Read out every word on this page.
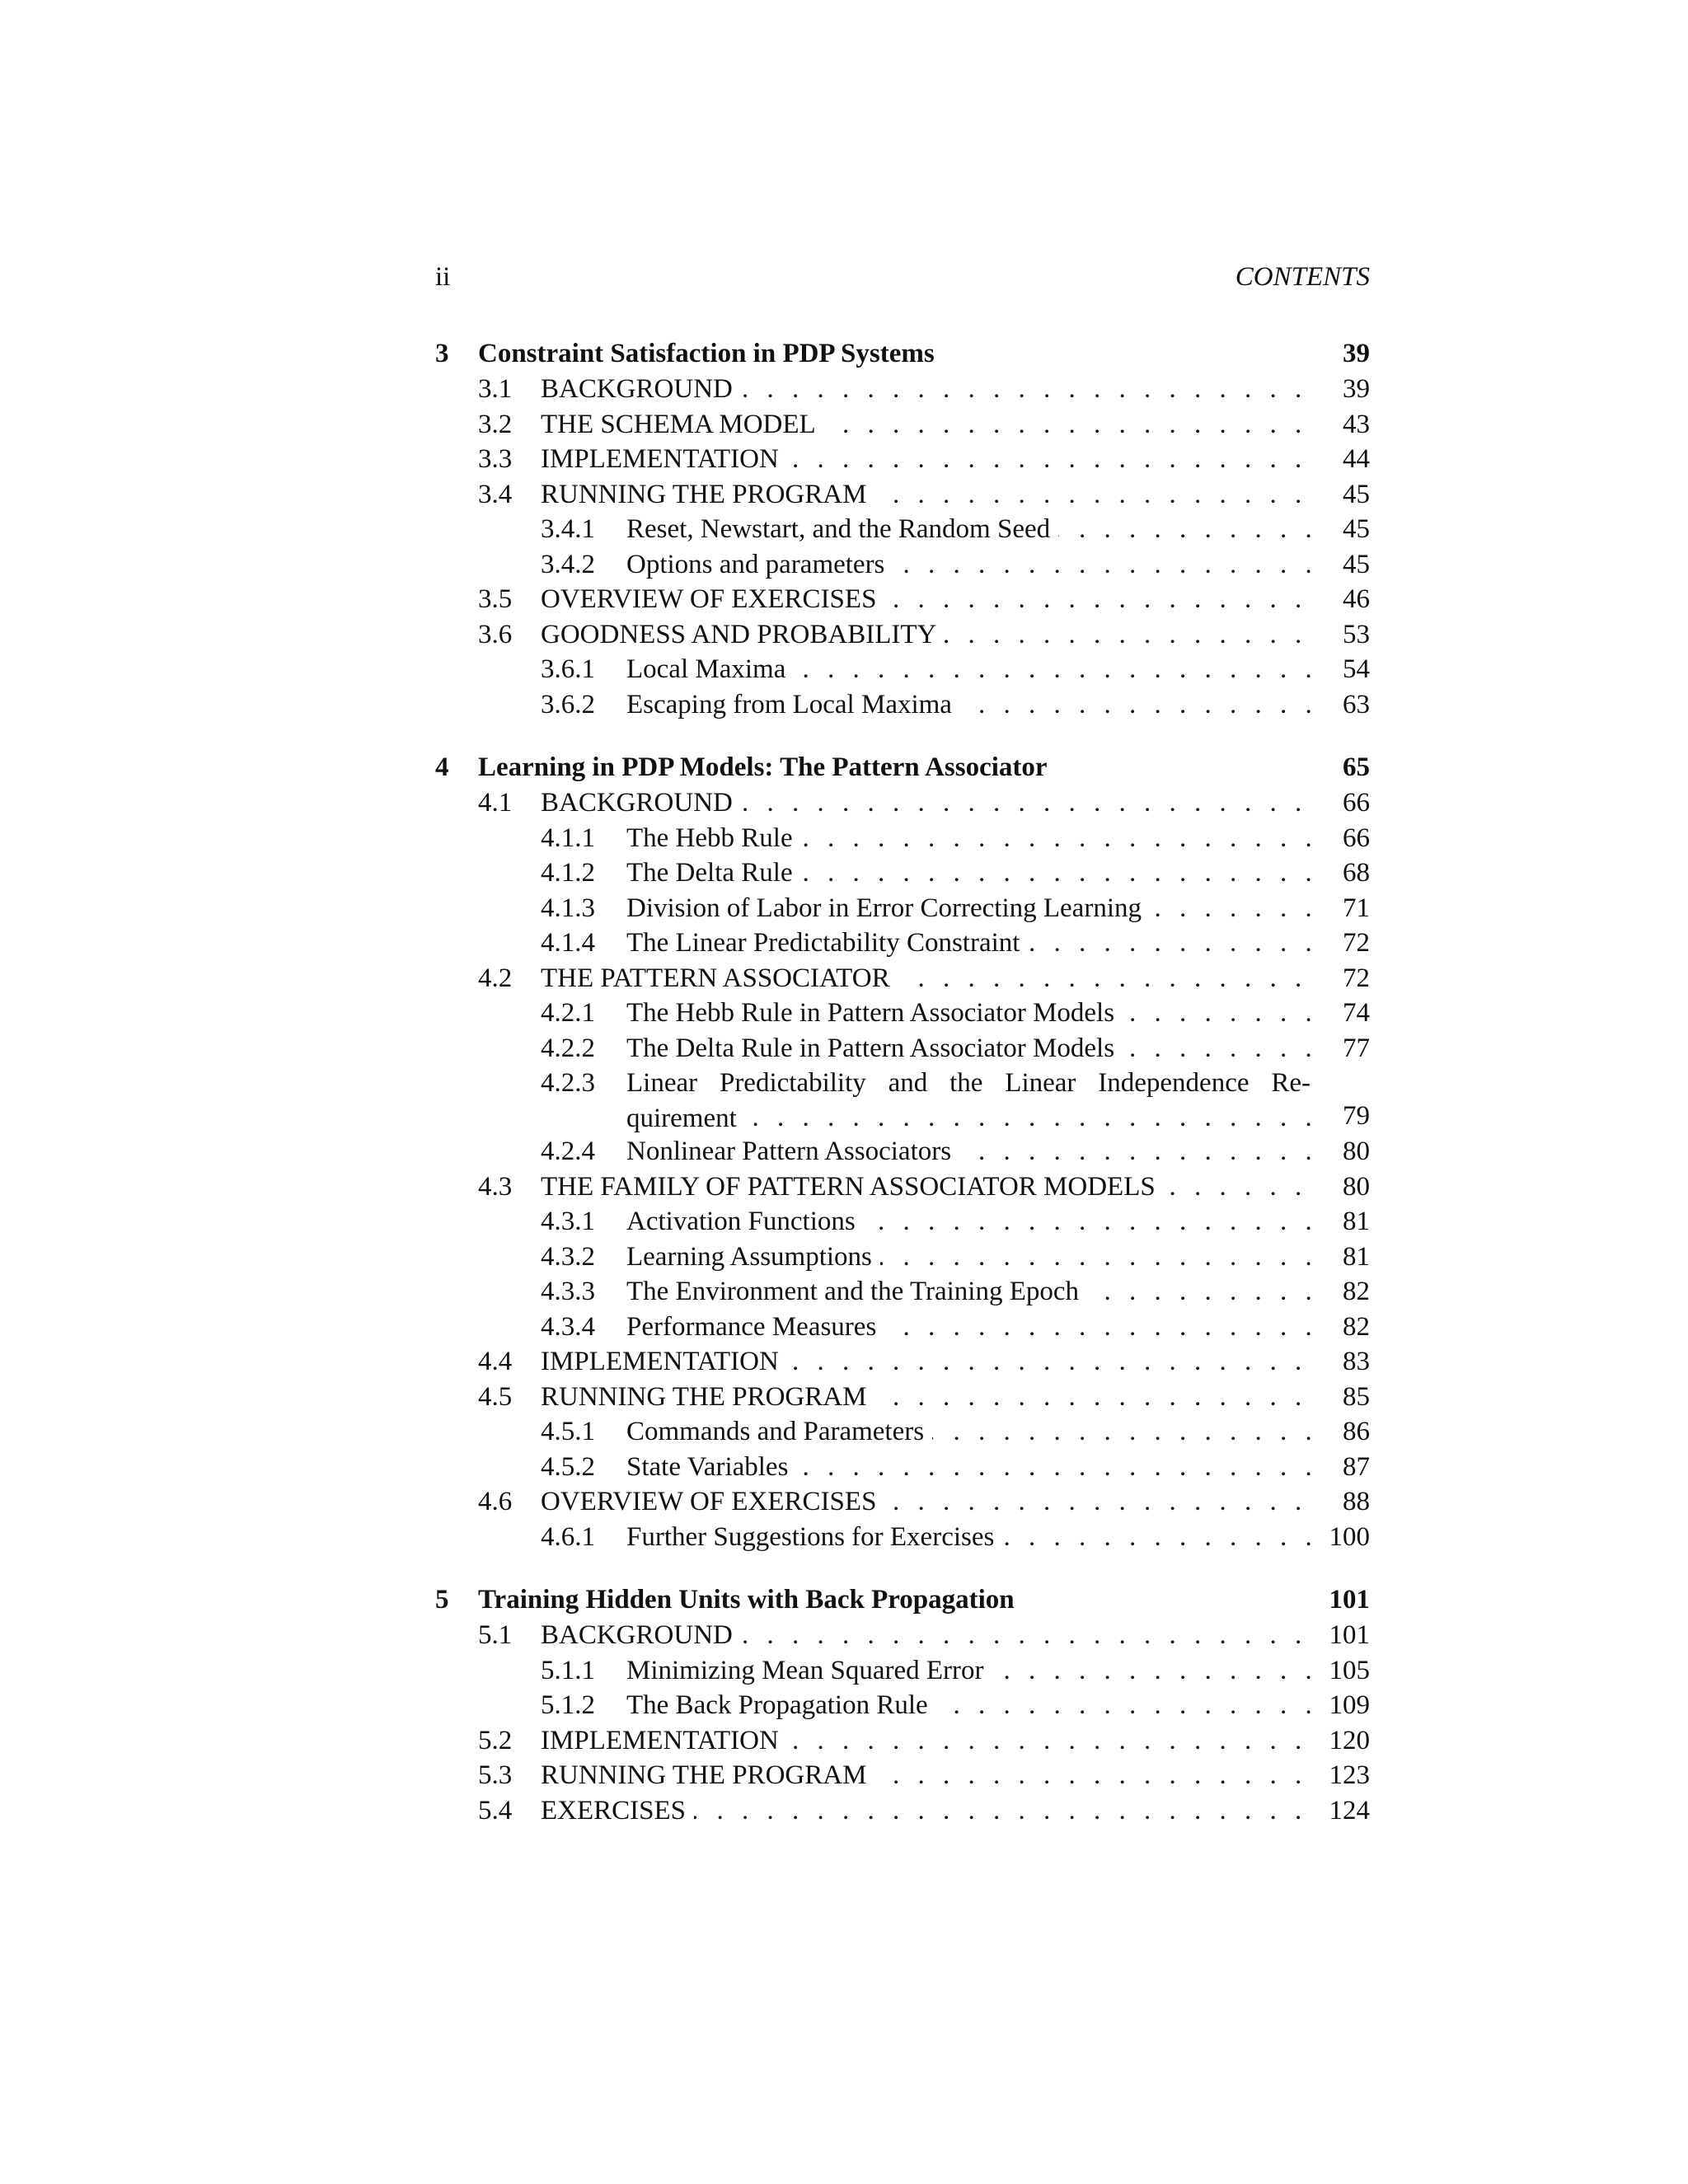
ii	CONTENTS
3 Constraint Satisfaction in PDP Systems	39
3.1 BACKGROUND . . .	39
3.2 THE SCHEMA MODEL . . .	43
3.3 IMPLEMENTATION . . .	44
3.4 RUNNING THE PROGRAM . . .	45
3.4.1 Reset, Newstart, and the Random Seed . . .	45
3.4.2 Options and parameters . . .	45
3.5 OVERVIEW OF EXERCISES . . .	46
3.6 GOODNESS AND PROBABILITY . . .	53
3.6.1 Local Maxima . . .	54
3.6.2 Escaping from Local Maxima . . .	63
4 Learning in PDP Models: The Pattern Associator	65
4.1 BACKGROUND . . .	66
4.1.1 The Hebb Rule . . .	66
4.1.2 The Delta Rule . . .	68
4.1.3 Division of Labor in Error Correcting Learning . . .	71
4.1.4 The Linear Predictability Constraint . . .	72
4.2 THE PATTERN ASSOCIATOR . . .	72
4.2.1 The Hebb Rule in Pattern Associator Models . . .	74
4.2.2 The Delta Rule in Pattern Associator Models . . .	77
4.2.3 Linear Predictability and the Linear Independence Re-
quirement . . .	79
4.2.4 Nonlinear Pattern Associators . . .	80
4.3 THE FAMILY OF PATTERN ASSOCIATOR MODELS . . .	80
4.3.1 Activation Functions . . .	81
4.3.2 Learning Assumptions . . .	81
4.3.3 The Environment and the Training Epoch . . .	82
4.3.4 Performance Measures . . .	82
4.4 IMPLEMENTATION . . .	83
4.5 RUNNING THE PROGRAM . . .	85
4.5.1 Commands and Parameters . . .	86
4.5.2 State Variables . . .	87
4.6 OVERVIEW OF EXERCISES . . .	88
4.6.1 Further Suggestions for Exercises . . .	100
5 Training Hidden Units with Back Propagation	101
5.1 BACKGROUND . . .	101
5.1.1 Minimizing Mean Squared Error . . .	105
5.1.2 The Back Propagation Rule . . .	109
5.2 IMPLEMENTATION . . .	120
5.3 RUNNING THE PROGRAM . . .	123
5.4 EXERCISES . . .	124
